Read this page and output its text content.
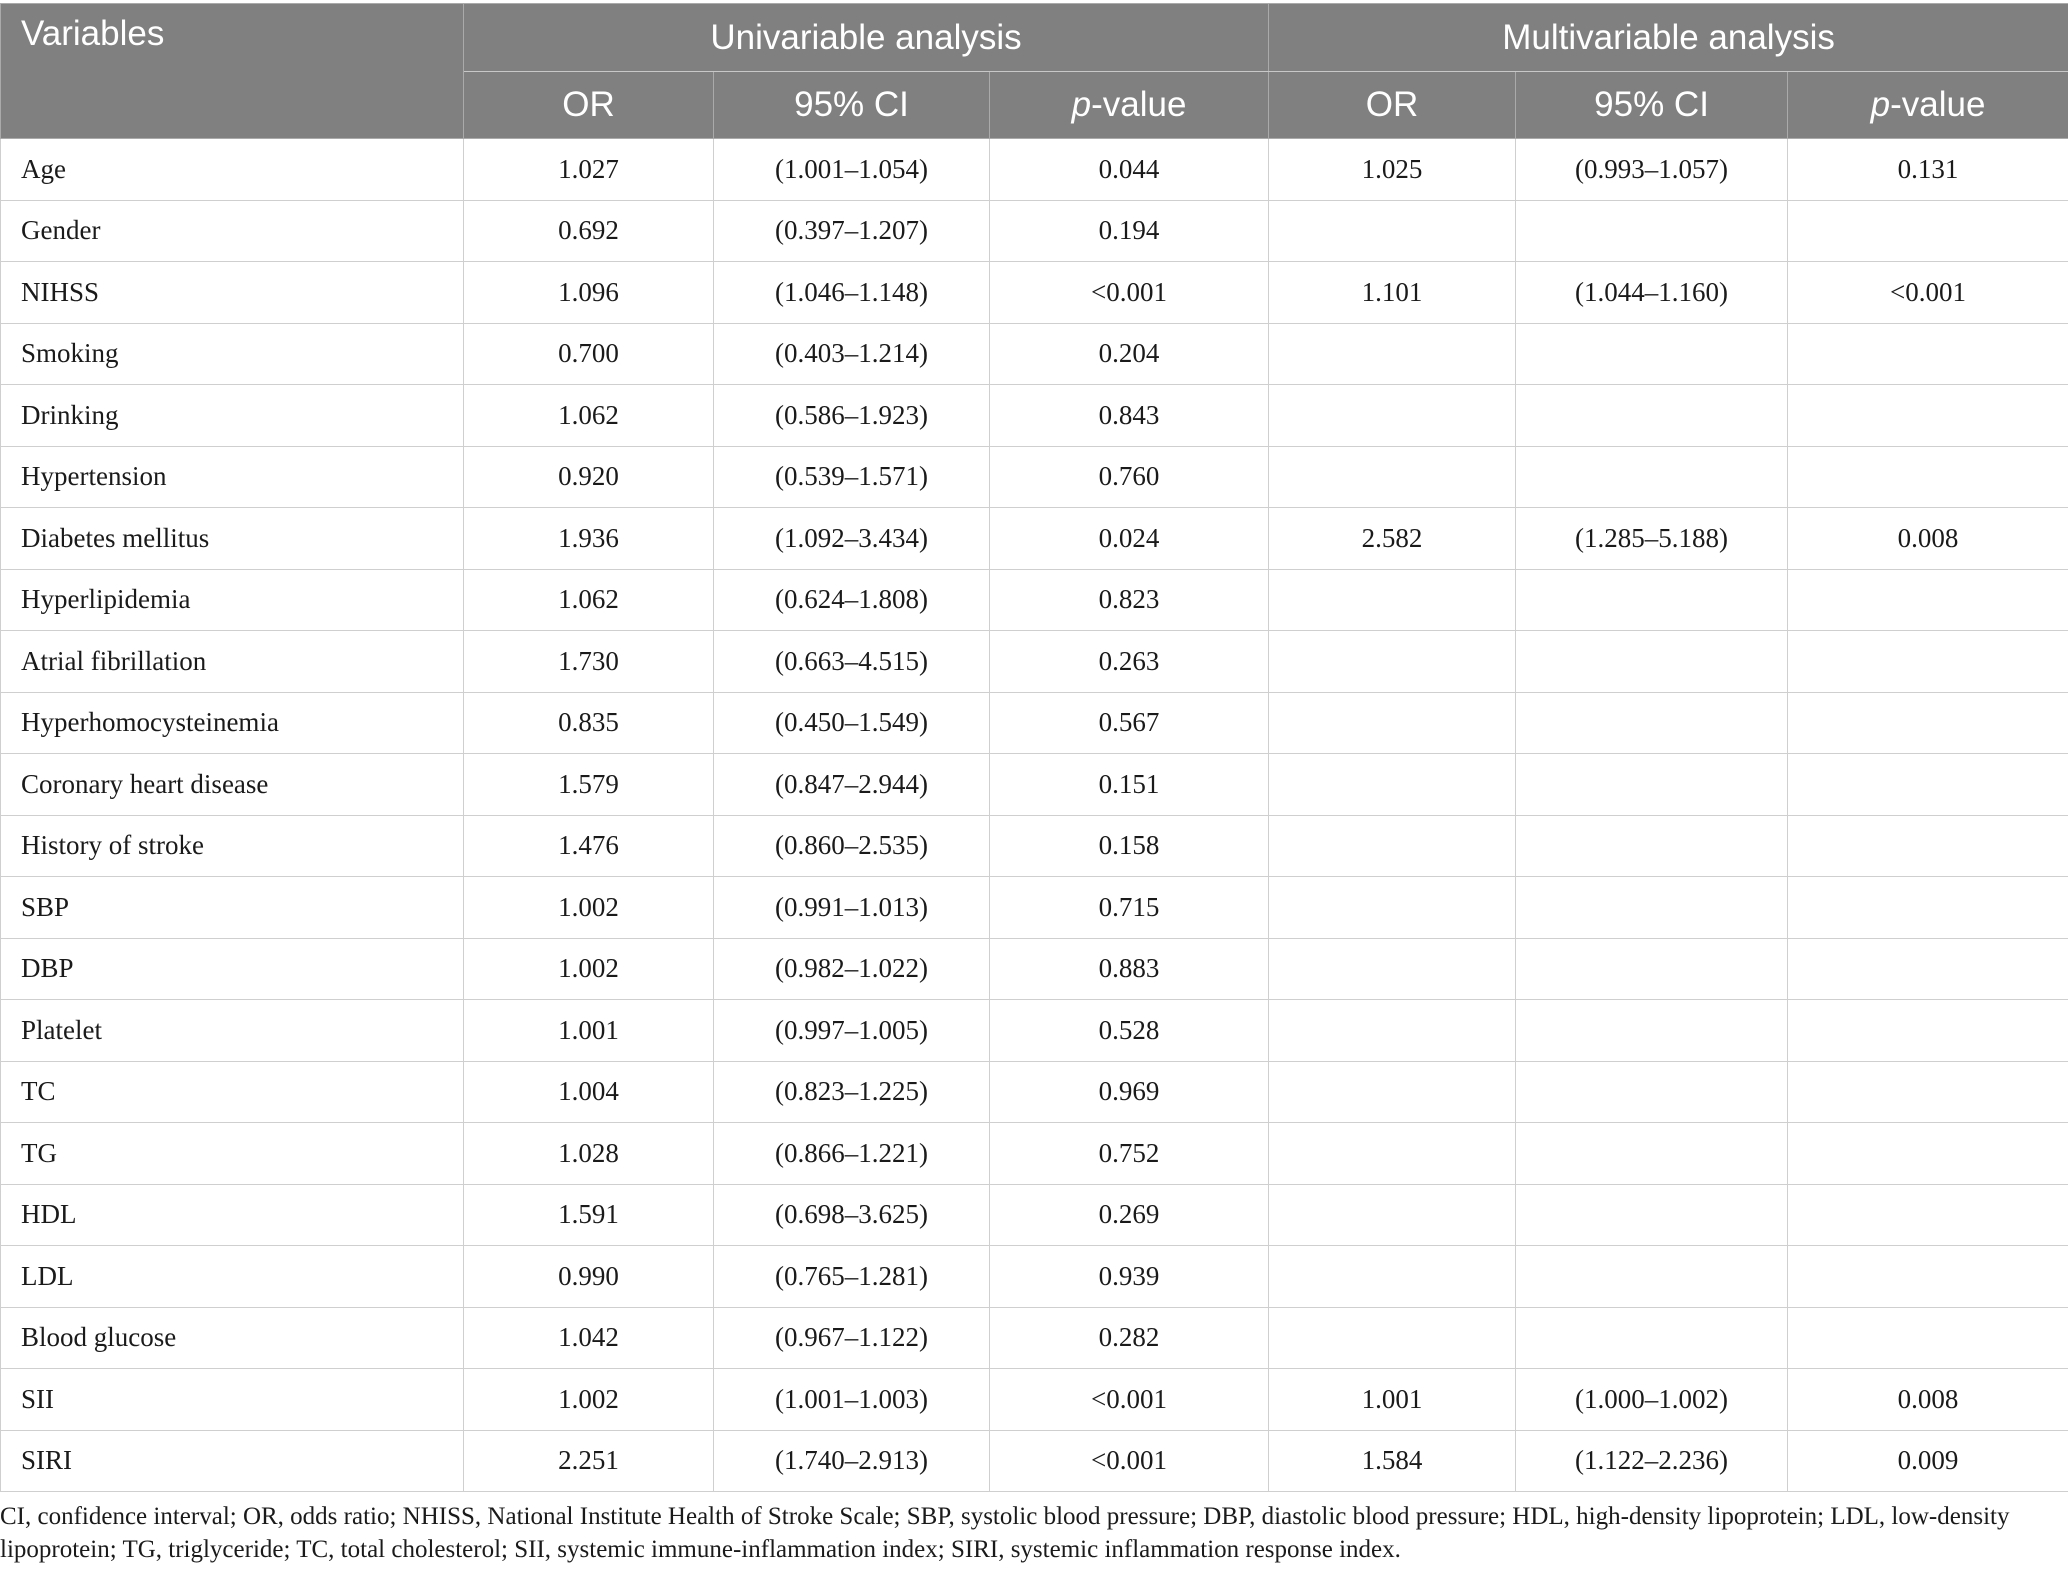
Variables	Univariable analysis			Multivariable analysis		
	OR	95% CI	p-value	OR	95% CI	p-value
Age	1.027	(1.001–1.054)	0.044	1.025	(0.993–1.057)	0.131
Gender	0.692	(0.397–1.207)	0.194			
NIHSS	1.096	(1.046–1.148)	<0.001	1.101	(1.044–1.160)	<0.001
Smoking	0.700	(0.403–1.214)	0.204			
Drinking	1.062	(0.586–1.923)	0.843			
Hypertension	0.920	(0.539–1.571)	0.760			
Diabetes mellitus	1.936	(1.092–3.434)	0.024	2.582	(1.285–5.188)	0.008
Hyperlipidemia	1.062	(0.624–1.808)	0.823			
Atrial fibrillation	1.730	(0.663–4.515)	0.263			
Hyperhomocysteinemia	0.835	(0.450–1.549)	0.567			
Coronary heart disease	1.579	(0.847–2.944)	0.151			
History of stroke	1.476	(0.860–2.535)	0.158			
SBP	1.002	(0.991–1.013)	0.715			
DBP	1.002	(0.982–1.022)	0.883			
Platelet	1.001	(0.997–1.005)	0.528			
TC	1.004	(0.823–1.225)	0.969			
TG	1.028	(0.866–1.221)	0.752			
HDL	1.591	(0.698–3.625)	0.269			
LDL	0.990	(0.765–1.281)	0.939			
Blood glucose	1.042	(0.967–1.122)	0.282			
SII	1.002	(1.001–1.003)	<0.001	1.001	(1.000–1.002)	0.008
SIRI	2.251	(1.740–2.913)	<0.001	1.584	(1.122–2.236)	0.009
CI, confidence interval; OR, odds ratio; NHISS, National Institute Health of Stroke Scale; SBP, systolic blood pressure; DBP, diastolic blood pressure; HDL, high-density lipoprotein; LDL, low-density lipoprotein; TG, triglyceride; TC, total cholesterol; SII, systemic immune-inflammation index; SIRI, systemic inflammation response index.
